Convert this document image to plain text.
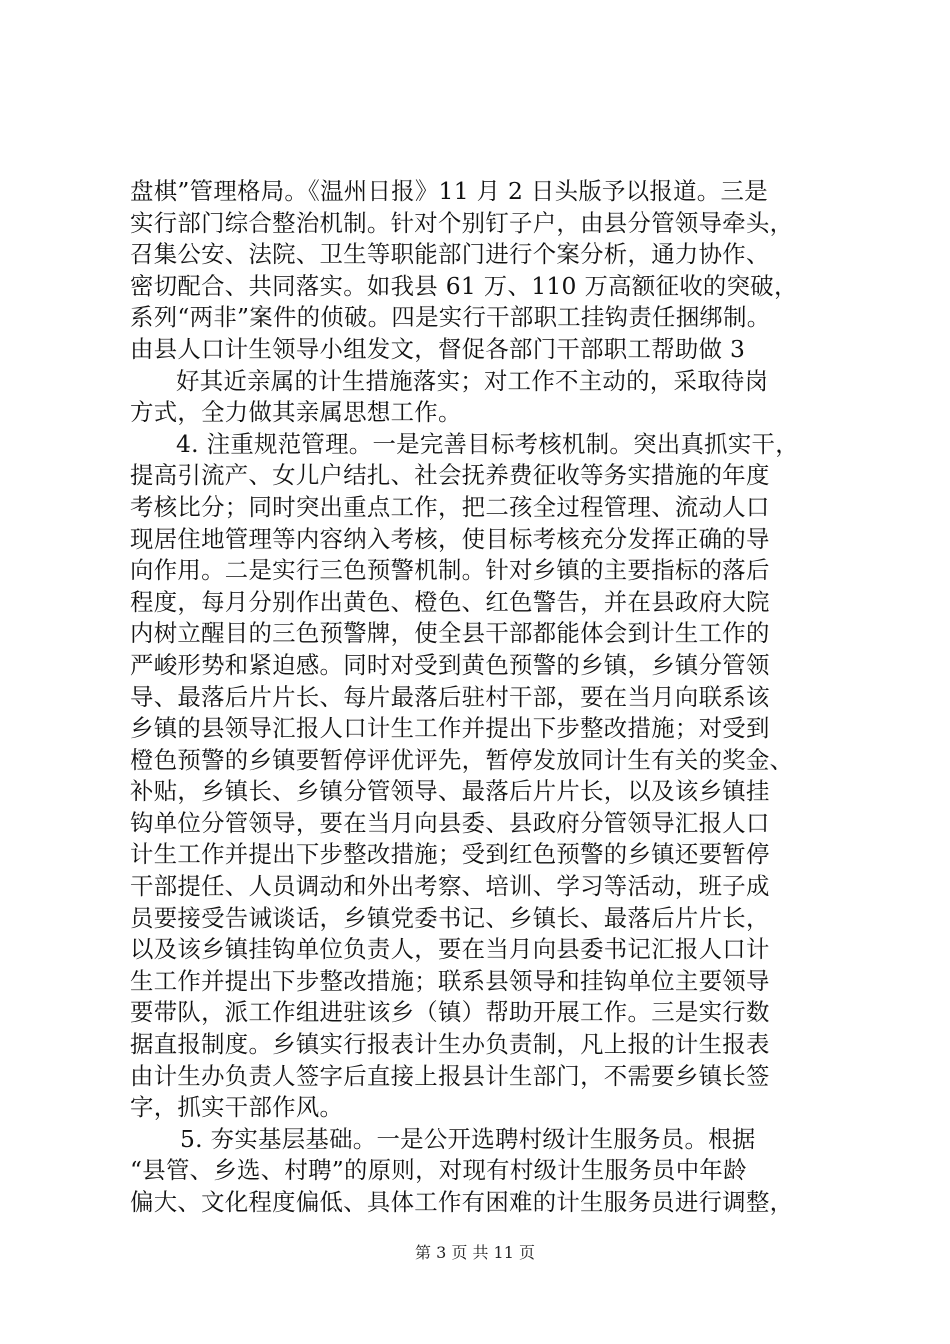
盘棋”管理格局。《温州日报》11 月 2 日头版予以报道。三是
实行部门综合整治机制。针对个别钉子户，由县分管领导牵头，
召集公安、法院、卫生等职能部门进行个案分析，通力协作、
密切配合、共同落实。如我县 61 万、110 万高额征收的突破，
系列“两非”案件的侦破。四是实行干部职工挂钩责任捆绑制。
由县人口计生领导小组发文，督促各部门干部职工帮助做 3
好其近亲属的计生措施落实；对工作不主动的，采取待岗
方式，全力做其亲属思想工作。
4. 注重规范管理。一是完善目标考核机制。突出真抓实干，
提高引流产、女儿户结扎、社会抚养费征收等务实措施的年度
考核比分；同时突出重点工作，把二孩全过程管理、流动人口
现居住地管理等内容纳入考核，使目标考核充分发挥正确的导
向作用。二是实行三色预警机制。针对乡镇的主要指标的落后
程度，每月分别作出黄色、橙色、红色警告，并在县政府大院
内树立醒目的三色预警牌，使全县干部都能体会到计生工作的
严峻形势和紧迫感。同时对受到黄色预警的乡镇，乡镇分管领
导、最落后片片长、每片最落后驻村干部，要在当月向联系该
乡镇的县领导汇报人口计生工作并提出下步整改措施；对受到
橙色预警的乡镇要暂停评优评先，暂停发放同计生有关的奖金、
补贴，乡镇长、乡镇分管领导、最落后片片长，以及该乡镇挂
钩单位分管领导，要在当月向县委、县政府分管领导汇报人口
计生工作并提出下步整改措施；受到红色预警的乡镇还要暂停
干部提任、人员调动和外出考察、培训、学习等活动，班子成
员要接受告诫谈话，乡镇党委书记、乡镇长、最落后片片长，
以及该乡镇挂钩单位负责人，要在当月向县委书记汇报人口计
生工作并提出下步整改措施；联系县领导和挂钩单位主要领导
要带队，派工作组进驻该乡（镇）帮助开展工作。三是实行数
据直报制度。乡镇实行报表计生办负责制，凡上报的计生报表
由计生办负责人签字后直接上报县计生部门，不需要乡镇长签
字，抓实干部作风。
5. 夯实基层基础。一是公开选聘村级计生服务员。根据
“县管、乡选、村聘”的原则，对现有村级计生服务员中年龄
偏大、文化程度偏低、具体工作有困难的计生服务员进行调整，
第 3 页 共 11 页
